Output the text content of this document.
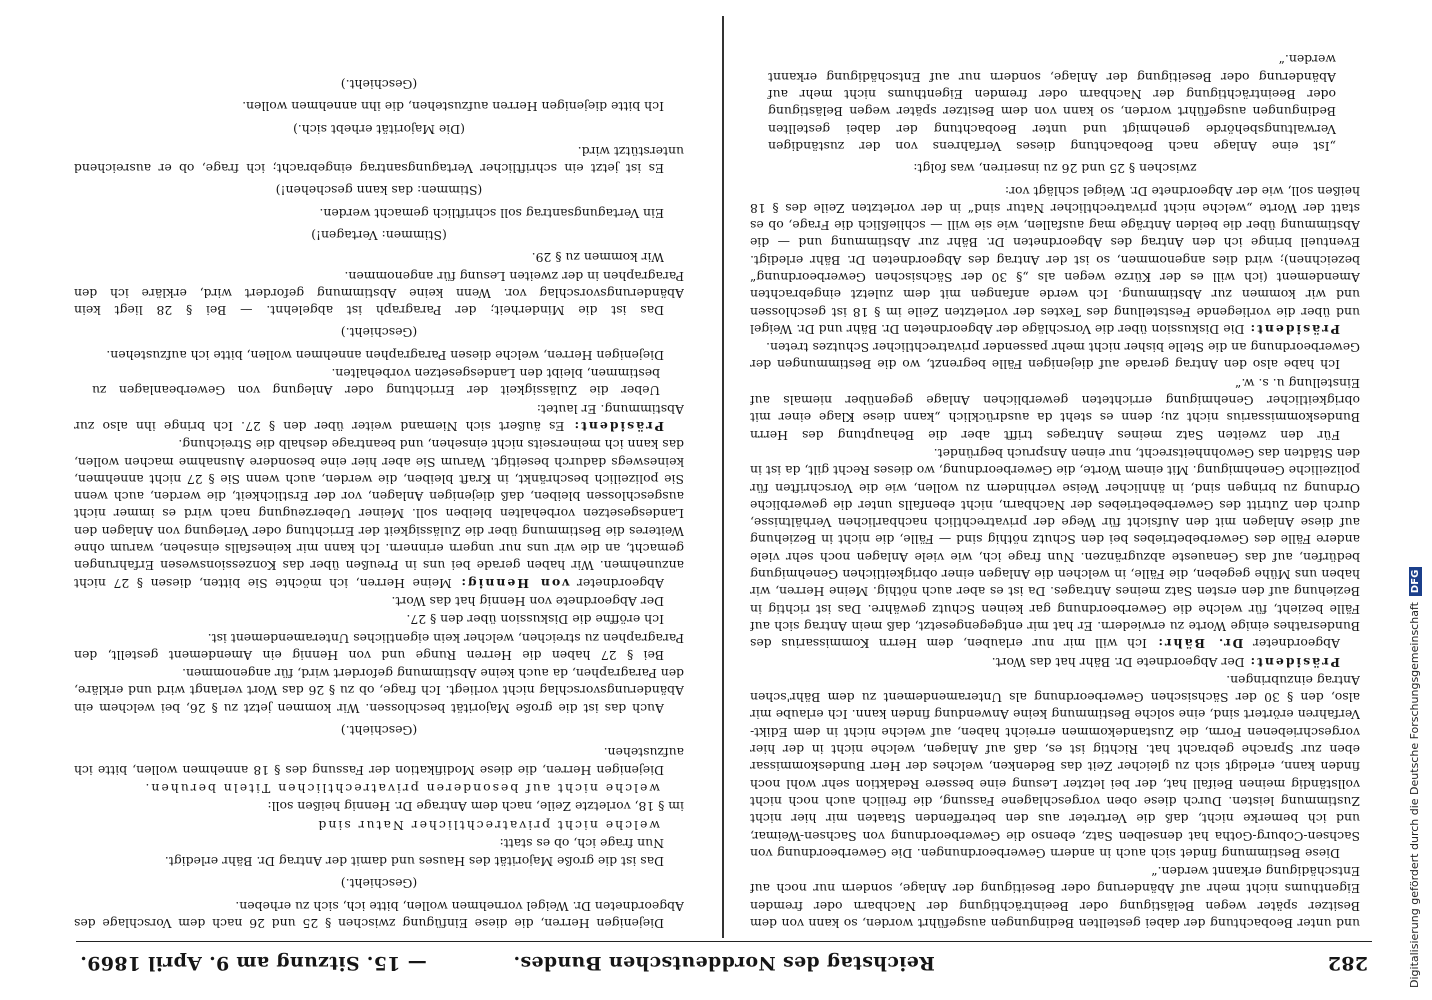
282
Reichstag des Norddeutschen Bundes.
— 15. Sitzung am 9. April 1869.

und unter Beobachtung der dabei gestellten Bedingungen ausgeführt worden, so kann von dem Besitzer später wegen Belästigung oder Beeinträchtigung der Nachbarn oder fremden Eigenthums nicht mehr auf Abänderung oder Beseitigung der Anlage, sondern nur noch auf Entschädigung erkannt werden.“

Diese Bestimmung findet sich auch in andern Gewerbeordnungen. Die Gewerbeordnung von Sachsen-Coburg-Gotha hat denselben Satz, ebenso die Gewerbeordnung von Sachsen-Weimar, und ich bemerke nicht, daß die Vertreter aus den betreffenden Staaten mir hier nicht Zustimmung leisten. Durch diese oben vorgeschlagene Fassung, die freilich auch noch nicht vollständig meinen Beifall hat, der bei letzter Lesung eine bessere Redaktion sehr wohl noch finden kann, erledigt sich zu gleicher Zeit das Bedenken, welches der Herr Bundeskommissar eben zur Sprache gebracht hat. Richtig ist es, daß auf Anlagen, welche nicht in der hier vorgeschriebenen Form, die Zustandekommen erreicht haben, auf welche nicht in dem Edikt-Verfahren erörtert sind, eine solche Bestimmung keine Anwendung finden kann. Ich erlaube mir also, den § 30 der Sächsischen Gewerbeordnung als Unteramendement zu dem Bähr'schen Antrag einzubringen.

Präsident: Der Abgeordnete Dr. Bähr hat das Wort.

Abgeordneter Dr. Bähr: Ich will mir nur erlauben, dem Herrn Kommissarius des Bundesrathes einige Worte zu erwiedern. Er hat mir entgegengesetzt, daß mein Antrag sich auf Fälle bezieht, für welche die Gewerbeordnung gar keinen Schutz gewähre. Das ist richtig in Beziehung auf den ersten Satz meines Antrages. Da ist es aber auch nöthig. Meine Herren, wir haben uns Mühe gegeben, die Fälle, in welchen die Anlagen einer obrigkeitlichen Genehmigung bedürfen, auf das Genaueste abzugränzen. Nun frage ich, wie viele Anlagen noch sehr viele andere Fälle des Gewerbebetriebes bei den Schutz nöthig sind — Fälle, die nicht in Beziehung auf diese Anlagen mit den Aufsicht für Wege der privatrechtlich nachbarlichen Verhältnisse, durch den Zutritt des Gewerbebetriebes der Nachbarn, nicht ebenfalls unter die gewerbliche Ordnung zu bringen sind, in ähnlicher Weise verhindern zu wollen, wie die Vorschriften für polizeiliche Genehmigung. Mit einem Worte, die Gewerbeordnung, wo dieses Recht gilt, da ist in den Städten das Gewohnheitsrecht, nur einen Anspruch begründet.

Für den zweiten Satz meines Antrages trifft aber die Behauptung des Herrn Bundeskommissarius nicht zu; denn es steht da ausdrücklich „kann diese Klage einer mit obrigkeitlicher Genehmigung errichteten gewerblichen Anlage gegenüber niemals auf Einstellung u. s. w.“

Ich habe also den Antrag gerade auf diejenigen Fälle begrenzt, wo die Bestimmungen der Gewerbeordnung an die Stelle bisher nicht mehr passender privatrechtlicher Schutzes treten.

Präsident: Die Diskussion über die Vorschläge der Abgeordneten Dr. Bähr und Dr. Weigel und über die vorliegende Feststellung des Textes der vorletzten Zeile im § 18 ist geschlossen und wir kommen zur Abstimmung. Ich werde anfangen mit dem zuletzt eingebrachten Amendement (ich will es der Kürze wegen als „§ 30 der Sächsischen Gewerbeordnung“ bezeichnen); wird dies angenommen, so ist der Antrag des Abgeordneten Dr. Bähr erledigt. Eventuell bringe ich den Antrag des Abgeordneten Dr. Bähr zur Abstimmung und — die Abstimmung über die beiden Anträge mag ausfallen, wie sie will — schließlich die Frage, ob es statt der Worte „welche nicht privatrechtlicher Natur sind“ in der vorletzten Zeile des § 18 heißen soll, wie der Abgeordnete Dr. Weigel schlägt vor:

zwischen § 25 und 26 zu inseriren, was folgt:

„Ist eine Anlage nach Beobachtung dieses Verfahrens von der zuständigen Verwaltungsbehörde genehmigt und unter Beobachtung der dabei gestellten Bedingungen ausgeführt worden, so kann von dem Besitzer später wegen Belästigung oder Beeinträchtigung der Nachbarn oder fremden Eigenthums nicht mehr auf Abänderung oder Beseitigung der Anlage, sondern nur auf Entschädigung erkannt werden.“

Diejenigen Herren, die diese Einfügung zwischen § 25 und 26 nach dem Vorschlage des Abgeordneten Dr. Weigel vornehmen wollen, bitte ich, sich zu erheben.

(Geschieht.)

Das ist die große Majorität des Hauses und damit der Antrag Dr. Bähr erledigt.

Nun frage ich, ob es statt:

welche nicht privatrechtlicher Natur sind

im § 18, vorletzte Zeile, nach dem Antrage Dr. Hennig heißen soll:

welche nicht auf besonderen privatrechtlichen Titeln beruhen.

Diejenigen Herren, die diese Modifikation der Fassung des § 18 annehmen wollen, bitte ich aufzustehen.

(Geschieht.)

Auch das ist die große Majorität beschlossen. Wir kommen jetzt zu § 26, bei welchem ein Abänderungsvorschlag nicht vorliegt. Ich frage, ob zu § 26 das Wort verlangt wird und erkläre, den Paragraphen, da auch keine Abstimmung gefordert wird, für angenommen.

Bei § 27 haben die Herren Runge und von Hennig ein Amendement gestellt, den Paragraphen zu streichen, welcher kein eigentliches Unteramendement ist.

Ich eröffne die Diskussion über den § 27.

Der Abgeordnete von Hennig hat das Wort.

Abgeordneter von Hennig: Meine Herren, ich möchte Sie bitten, diesen § 27 nicht anzunehmen. Wir haben gerade bei uns in Preußen über das Konzessionswesen Erfahrungen gemacht, an die wir uns nur ungern erinnern. Ich kann mir keinesfalls einsehen, warum ohne Weiteres die Bestimmung über die Zulässigkeit der Errichtung oder Verlegung von Anlagen den Landesgesetzen vorbehalten bleiben soll. Meiner Ueberzeugung nach wird es immer nicht ausgeschlossen bleiben, daß diejenigen Anlagen, vor der Erstlichkeit, die werden, auch wenn Sie polizeilich beschränkt, in Kraft bleiben, die werden, auch wenn Sie § 27 nicht annehmen, keineswegs dadurch beseitigt. Warum Sie aber hier eine besondere Ausnahme machen wollen, das kann ich meinerseits nicht einsehen, und beantrage deshalb die Streichung.

Präsident: Es äußert sich Niemand weiter über den § 27. Ich bringe ihn also zur Abstimmung. Er lautet:

Ueber die Zulässigkeit der Errichtung oder Anlegung von Gewerbeanlagen zu bestimmen, bleibt den Landesgesetzen vorbehalten.

Diejenigen Herren, welche diesen Paragraphen annehmen wollen, bitte ich aufzustehen.

(Geschieht.)

Das ist die Minderheit; der Paragraph ist abgelehnt. — Bei § 28 liegt kein Abänderungsvorschlag vor. Wenn keine Abstimmung gefordert wird, erkläre ich den Paragraphen in der zweiten Lesung für angenommen.

Wir kommen zu § 29.

(Stimmen: Vertagen!)

Ein Vertagungsantrag soll schriftlich gemacht werden.

(Stimmen: das kann geschehen!)

Es ist jetzt ein schriftlicher Vertagungsantrag eingebracht; ich frage, ob er ausreichend unterstützt wird.

(Die Majorität erhebt sich.)

Ich bitte diejenigen Herren aufzustehen, die ihn annehmen wollen.

(Geschieht.)

Digitalisierung gefördert durch die Deutsche ForschungsgemeinschaftDFG
